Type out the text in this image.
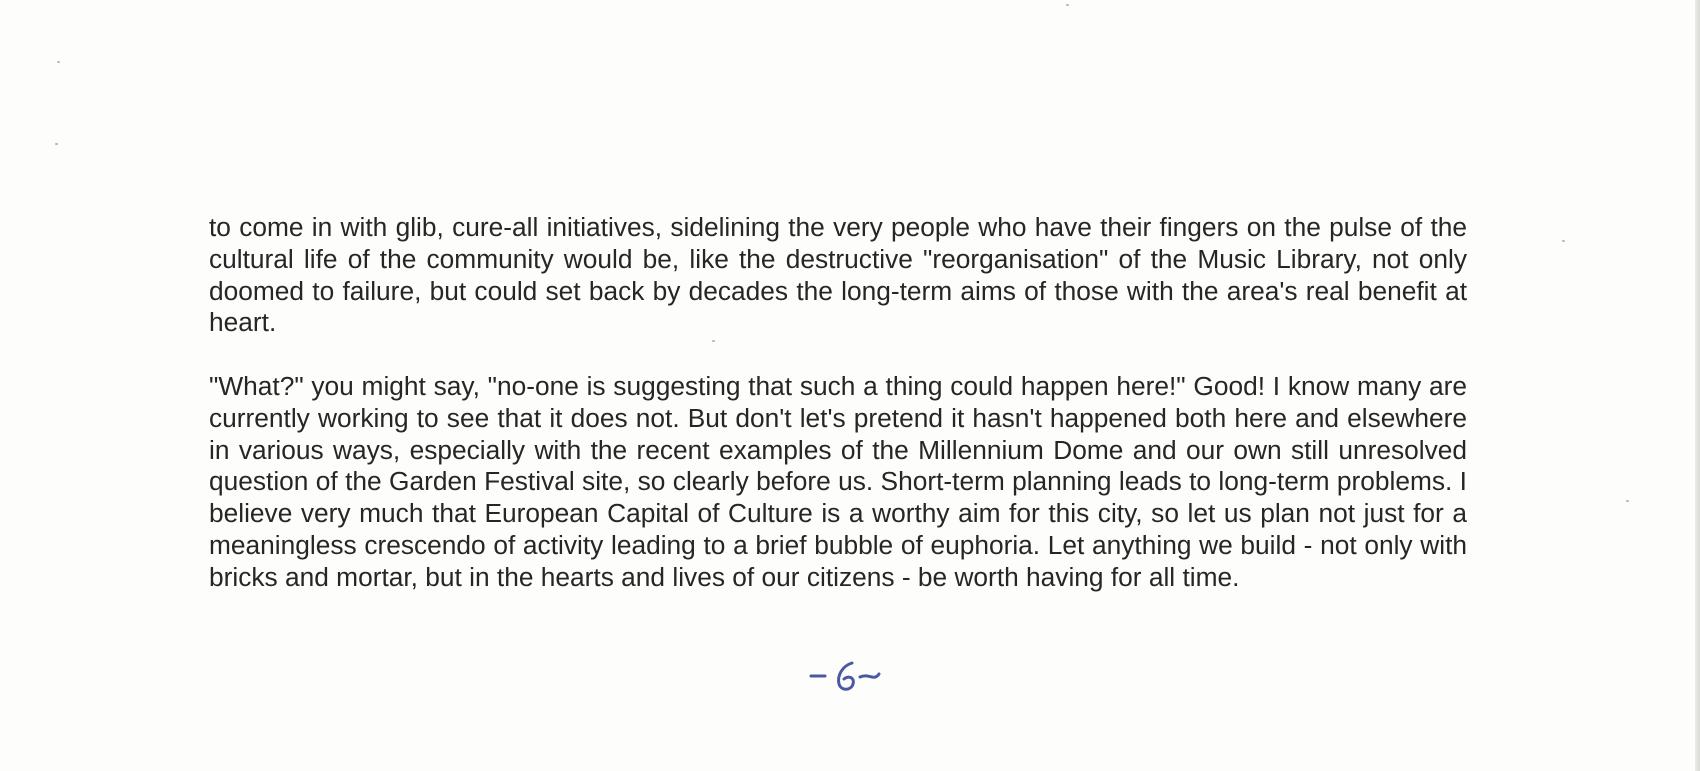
to come in with glib, cure-all initiatives, sidelining the very people who have their fingers on the pulse of the cultural life of the community would be, like the destructive "reorganisation" of the Music Library, not only doomed to failure, but could set back by decades the long-term aims of those with the area's real benefit at heart.

"What?" you might say, "no-one is suggesting that such a thing could happen here!" Good! I know many are currently working to see that it does not. But don't let's pretend it hasn't happened both here and elsewhere in various ways, especially with the recent examples of the Millennium Dome and our own still unresolved question of the Garden Festival site, so clearly before us. Short-term planning leads to long-term problems. I believe very much that European Capital of Culture is a worthy aim for this city, so let us plan not just for a meaningless crescendo of activity leading to a brief bubble of euphoria. Let anything we build - not only with bricks and mortar, but in the hearts and lives of our citizens - be worth having for all time.
